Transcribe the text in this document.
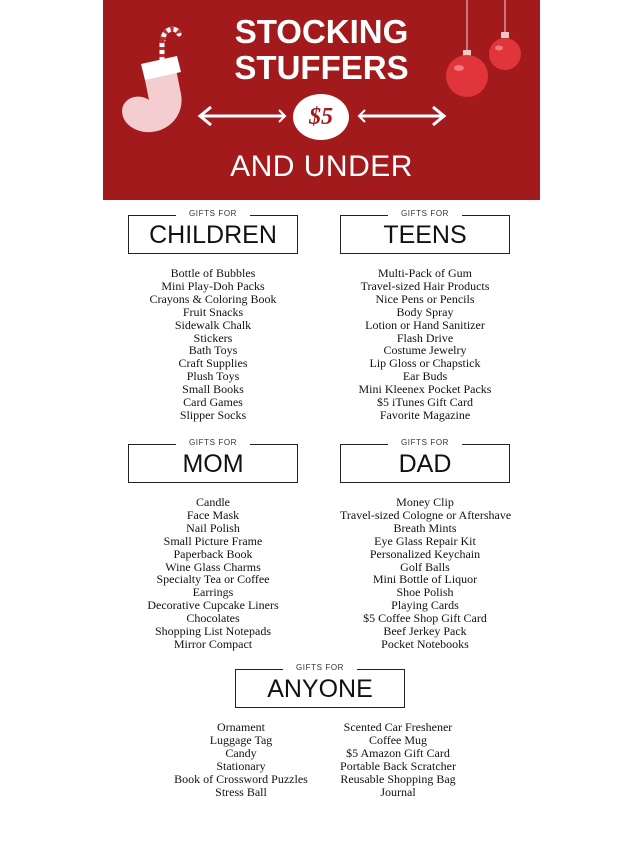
STOCKING
STUFFERS
$5
AND UNDER
GIFTS FOR
CHILDREN
Bottle of Bubbles
Mini Play-Doh Packs
Crayons & Coloring Book
Fruit Snacks
Sidewalk Chalk
Stickers
Bath Toys
Craft Supplies
Plush Toys
Small Books
Card Games
Slipper Socks
GIFTS FOR
TEENS
Multi-Pack of Gum
Travel-sized Hair Products
Nice Pens or Pencils
Body Spray
Lotion or Hand Sanitizer
Flash Drive
Costume Jewelry
Lip Gloss or Chapstick
Ear Buds
Mini Kleenex Pocket Packs
$5 iTunes Gift Card
Favorite Magazine
GIFTS FOR
MOM
Candle
Face Mask
Nail Polish
Small Picture Frame
Paperback Book
Wine Glass Charms
Specialty Tea or Coffee
Earrings
Decorative Cupcake Liners
Chocolates
Shopping List Notepads
Mirror Compact
GIFTS FOR
DAD
Money Clip
Travel-sized Cologne or Aftershave
Breath Mints
Eye Glass Repair Kit
Personalized Keychain
Golf Balls
Mini Bottle of Liquor
Shoe Polish
Playing Cards
$5 Coffee Shop Gift Card
Beef Jerkey Pack
Pocket Notebooks
GIFTS FOR
ANYONE
Ornament
Luggage Tag
Candy
Stationary
Book of Crossword Puzzles
Stress Ball
Scented Car Freshener
Coffee Mug
$5 Amazon Gift Card
Portable Back Scratcher
Reusable Shopping Bag
Journal
